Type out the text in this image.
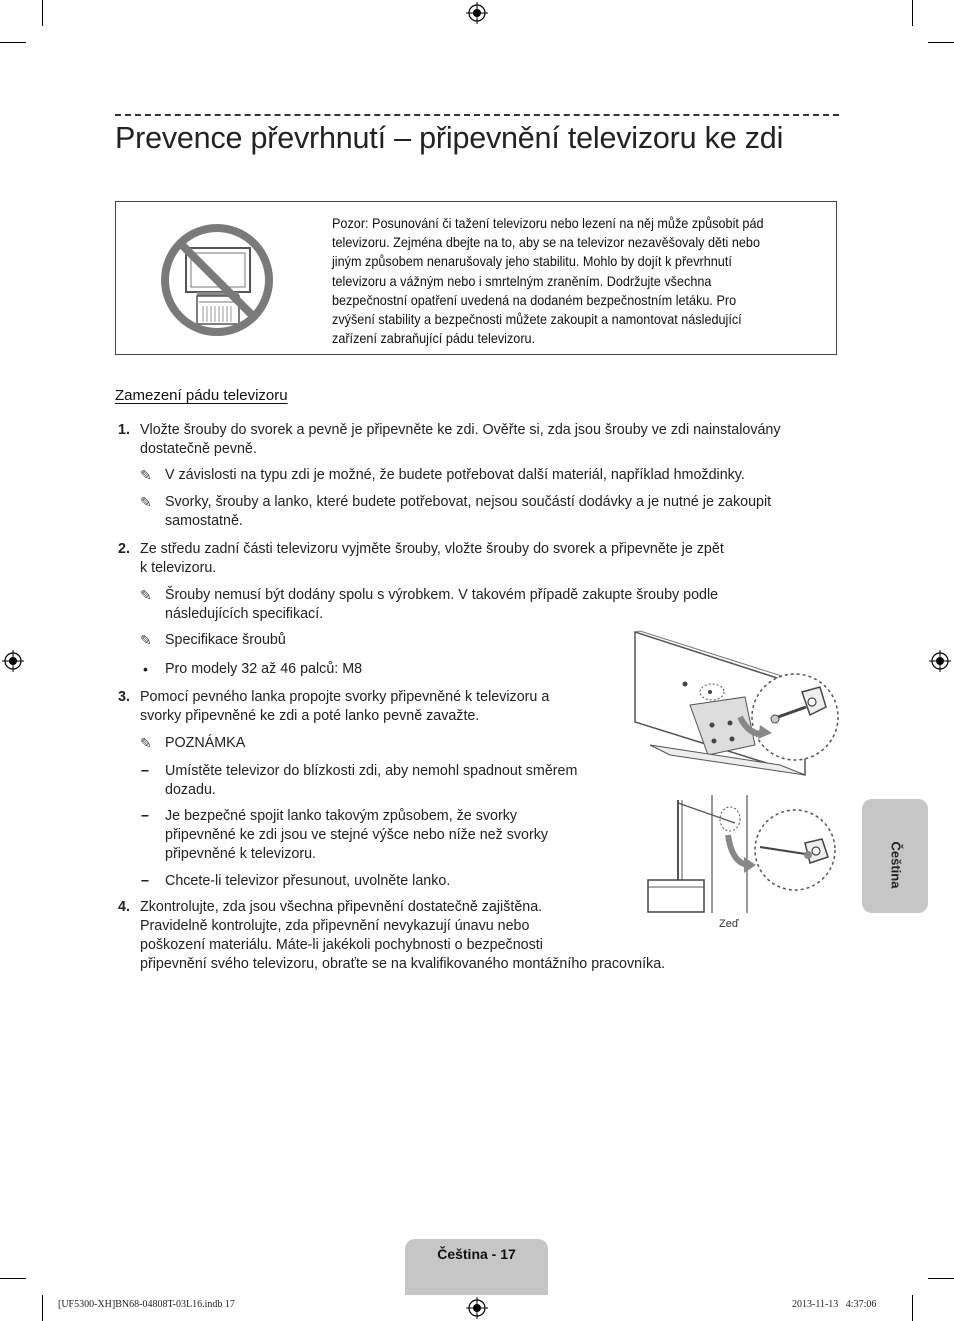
Prevence převrhnutí – připevnění televizoru ke zdi
Pozor: Posunování či tažení televizoru nebo lezení na něj může způsobit pád
televizoru. Zejména dbejte na to, aby se na televizor nezavěšovaly děti nebo
jiným způsobem nenarušovaly jeho stabilitu. Mohlo by dojít k převrhnutí
televizoru a vážným nebo i smrtelným zraněním. Dodržujte všechna
bezpečnostní opatření uvedená na dodaném bezpečnostním letáku. Pro
zvýšení stability a bezpečnosti můžete zakoupit a namontovat následující
zařízení zabraňující pádu televizoru.
Zamezení pádu televizoru
1. Vložte šrouby do svorek a pevně je připevněte ke zdi. Ověřte si, zda jsou šrouby ve zdi nainstalovány
dostatečně pevně.
✎ V závislosti na typu zdi je možné, že budete potřebovat další materiál, například hmoždinky.
✎ Svorky, šrouby a lanko, které budete potřebovat, nejsou součástí dodávky a je nutné je zakoupit
samostatně.
2. Ze středu zadní části televizoru vyjměte šrouby, vložte šrouby do svorek a připevněte je zpět
k televizoru.
✎ Šrouby nemusí být dodány spolu s výrobkem. V takovém případě zakupte šrouby podle
následujících specifikací.
✎ Specifikace šroubů
• Pro modely 32 až 46 palců: M8
3. Pomocí pevného lanka propojte svorky připevněné k televizoru a
svorky připevněné ke zdi a poté lanko pevně zavažte.
✎ POZNÁMKA
– Umístěte televizor do blízkosti zdi, aby nemohl spadnout směrem
dozadu.
– Je bezpečné spojit lanko takovým způsobem, že svorky
připevněné ke zdi jsou ve stejné výšce nebo níže než svorky
připevněné k televizoru.
– Chcete-li televizor přesunout, uvolněte lanko.
4. Zkontrolujte, zda jsou všechna připevnění dostatečně zajištěna.
Pravidelně kontrolujte, zda připevnění nevykazují únavu nebo
poškození materiálu. Máte-li jakékoli pochybnosti o bezpečnosti
připevnění svého televizoru, obraťte se na kvalifikovaného montážního pracovníka.
Zeď
Čeština
Čeština - 17
[UF5300-XH]BN68-04808T-03L16.indb 17	2013-11-13   4:37:06
